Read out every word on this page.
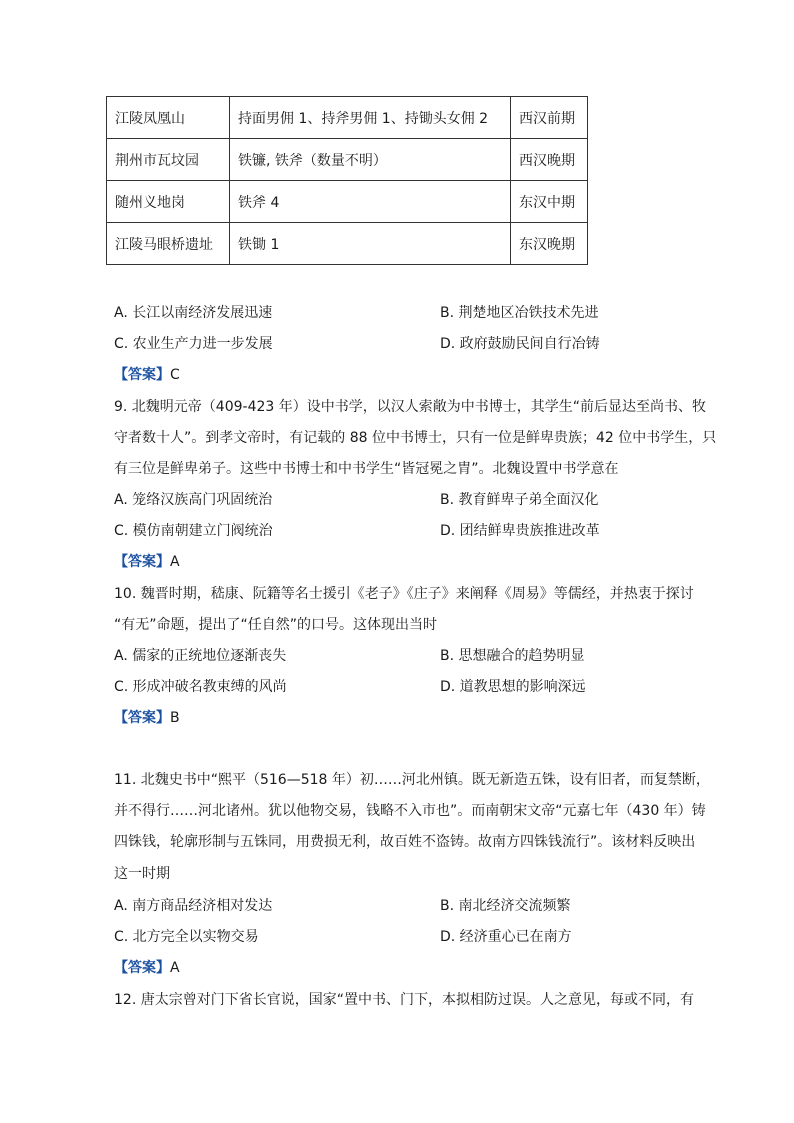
江陵凤凰山	持面男佣 1、持斧男佣 1、持锄头女佣 2	西汉前期
荆州市瓦坟园	铁镰, 铁斧（数量不明）	西汉晚期
随州义地岗	铁斧 4	东汉中期
江陵马眼桥遗址	铁锄 1	东汉晚期
A. 长江以南经济发展迅速	B. 荆楚地区冶铁技术先进
C. 农业生产力进一步发展	D. 政府鼓励民间自行冶铸
【答案】C
9. 北魏明元帝（409-423 年）设中书学，以汉人索敞为中书博士，其学生“前后显达至尚书、牧
守者数十人”。到孝文帝时，有记载的 88 位中书博士，只有一位是鲜卑贵族；42 位中书学生，只
有三位是鲜卑弟子。这些中书博士和中书学生“皆冠冕之胄”。北魏设置中书学意在
A. 笼络汉族高门巩固统治	B. 教育鲜卑子弟全面汉化
C. 模仿南朝建立门阀统治	D. 团结鲜卑贵族推进改革
【答案】A
10. 魏晋时期，嵇康、阮籍等名士援引《老子》《庄子》来阐释《周易》等儒经，并热衷于探讨
“有无”命题，提出了“任自然”的口号。这体现出当时
A. 儒家的正统地位逐渐丧失	B. 思想融合的趋势明显
C. 形成冲破名教束缚的风尚	D. 道教思想的影响深远
【答案】B
11. 北魏史书中“熙平（516—518 年）初……河北州镇。既无新造五铢，设有旧者，而复禁断，
并不得行……河北诸州。犹以他物交易，钱略不入市也”。而南朝宋文帝“元嘉七年（430 年）铸
四铢钱，轮廓形制与五铢同，用费损无利，故百姓不盗铸。故南方四铢钱流行”。该材料反映出
这一时期
A. 南方商品经济相对发达	B. 南北经济交流频繁
C. 北方完全以实物交易	D. 经济重心已在南方
【答案】A
12. 唐太宗曾对门下省长官说，国家“置中书、门下，本拟相防过误。人之意见，每或不同，有
